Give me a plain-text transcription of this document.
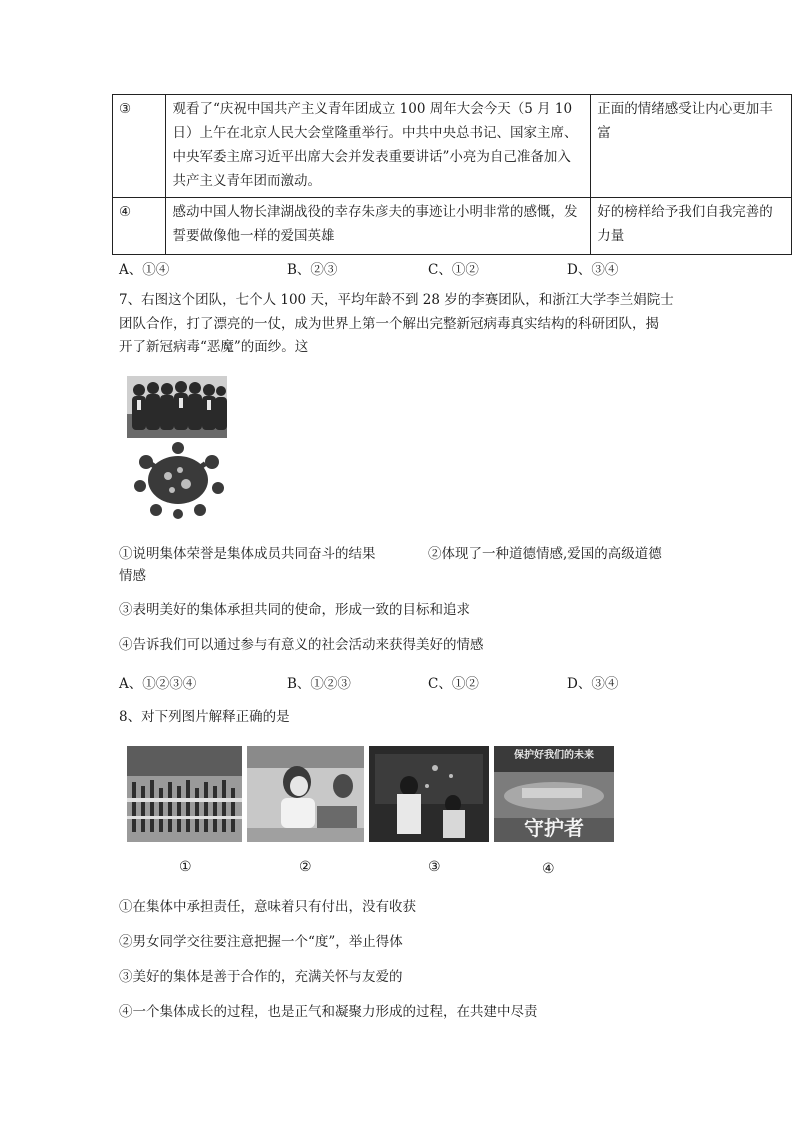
③	观看了“庆祝中国共产主义青年团成立 100 周年大会今天（5 月 10 日）上午在北京人民大会堂隆重举行。中共中央总书记、国家主席、中央军委主席习近平出席大会并发表重要讲话”小亮为自己准备加入共产主义青年团而激动。	正面的情绪感受让内心更加丰富
④	感动中国人物长津湖战役的幸存朱彦夫的事迹让小明非常的感慨，发誓要做像他一样的爱国英雄	好的榜样给予我们自我完善的力量
A、①④	B、②③	C、①②	D、③④
7、右图这个团队，七个人 100 天，平均年龄不到 28 岁的李赛团队，和浙江大学李兰娟院士
团队合作，打了漂亮的一仗，成为世界上第一个解出完整新冠病毒真实结构的科研团队，揭
开了新冠病毒“恶魔”的面纱。这
①说明集体荣誉是集体成员共同奋斗的结果	②体现了一种道德情感,爱国的高级道德
情感
③表明美好的集体承担共同的使命，形成一致的目标和追求
④告诉我们可以通过参与有意义的社会活动来获得美好的情感
A、①②③④	B、①②③	C、①②	D、③④
8、对下列图片解释正确的是
保护好我们的未来
守护者
①	②	③	④
①在集体中承担责任，意味着只有付出，没有收获
②男女同学交往要注意把握一个“度”，举止得体
③美好的集体是善于合作的，充满关怀与友爱的
④一个集体成长的过程，也是正气和凝聚力形成的过程，在共建中尽责
